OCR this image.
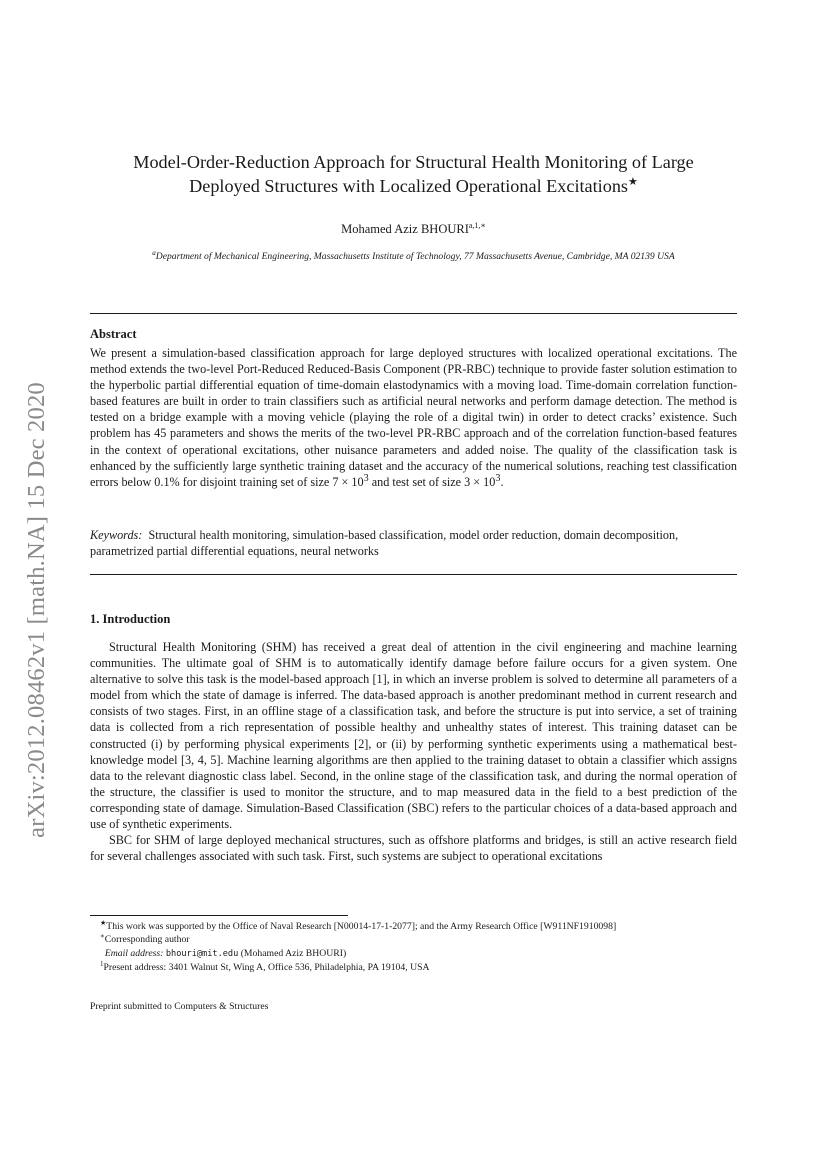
arXiv:2012.08462v1 [math.NA] 15 Dec 2020
Model-Order-Reduction Approach for Structural Health Monitoring of Large
Deployed Structures with Localized Operational Excitations★
Mohamed Aziz $BHOURI^{a,1,∗}$
$^a$Department of Mechanical Engineering, Massachusetts Institute of Technology, 77 Massachusetts Avenue, Cambridge, MA 02139 USA
Abstract

We present a simulation-based classification approach for large deployed structures with localized operational excitations. The method extends the two-level Port-Reduced Reduced-Basis Component (PR-RBC) technique to provide faster solution estimation to the hyperbolic partial differential equation of time-domain elastodynamics with a moving load. Time-domain correlation function-based features are built in order to train classifiers such as artificial neural networks and perform damage detection. The method is tested on a bridge example with a moving vehicle (playing the role of a digital twin) in order to detect cracks’ existence. Such problem has 45 parameters and shows the merits of the two-level PR-RBC approach and of the correlation function-based features in the context of operational excitations, other nuisance parameters and added noise. The quality of the classification task is enhanced by the sufficiently large synthetic training dataset and the accuracy of the numerical solutions, reaching test classification errors below 0.1% for disjoint training set of size $7 \times 10^3$ and test set of size $3 \times 10^3$.

Keywords: Structural health monitoring, simulation-based classification, model order reduction, domain decomposition, parametrized partial differential equations, neural networks

1. Introduction

Structural Health Monitoring (SHM) has received a great deal of attention in the civil engineering and machine learning communities. The ultimate goal of SHM is to automatically identify damage before failure occurs for a given system. One alternative to solve this task is the model-based approach [1], in which an inverse problem is solved to determine all parameters of a model from which the state of damage is inferred. The data-based approach is another predominant method in current research and consists of two stages. First, in an offline stage of a classification task, and before the structure is put into service, a set of training data is collected from a rich representation of possible healthy and unhealthy states of interest. This training dataset can be constructed (i) by performing physical experiments [2], or (ii) by performing synthetic experiments using a mathematical best-knowledge model [3, 4, 5]. Machine learning algorithms are then applied to the training dataset to obtain a classifier which assigns data to the relevant diagnostic class label. Second, in the online stage of the classification task, and during the normal operation of the structure, the classifier is used to monitor the structure, and to map measured data in the field to a best prediction of the corresponding state of damage. Simulation-Based Classification (SBC) refers to the particular choices of a data-based approach and use of synthetic experiments.

SBC for SHM of large deployed mechanical structures, such as offshore platforms and bridges, is still an active research field for several challenges associated with such task. First, such systems are subject to operational excitations

★This work was supported by the Office of Naval Research [N00014-17-1-2077]; and the Army Research Office [W911NF1910098]
∗Corresponding author
Email address: bhouri@mit.edu (Mohamed Aziz BHOURI)
$^1$Present address: 3401 Walnut St, Wing A, Office 536, Philadelphia, PA 19104, USA
Preprint submitted to Computers & Structures
